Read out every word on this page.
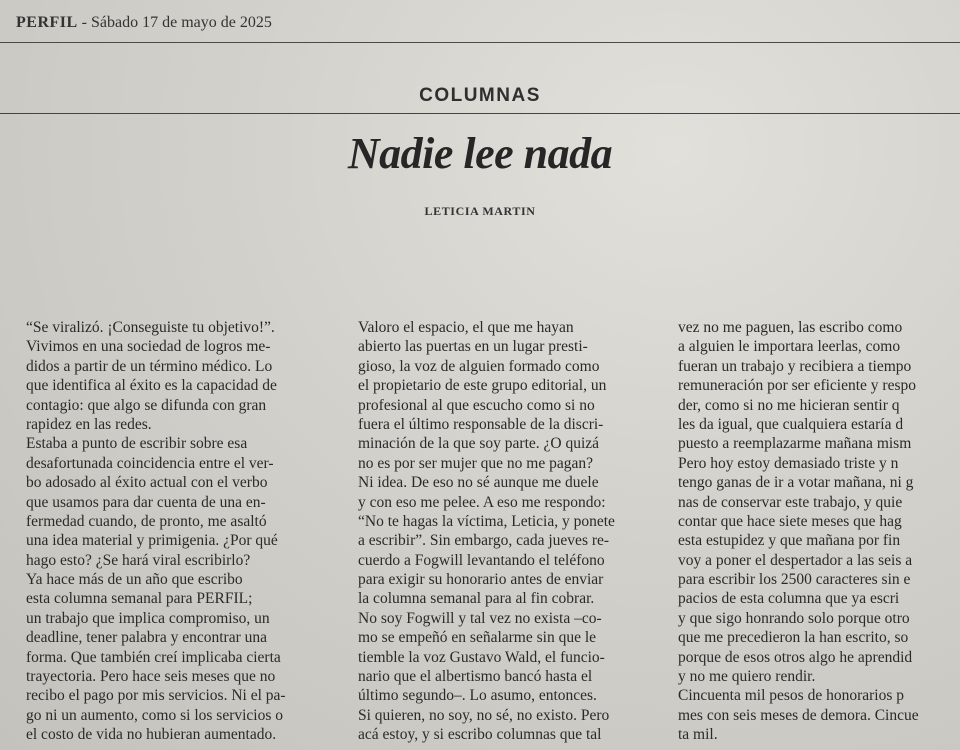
PERFIL - Sábado 17 de mayo de 2025
COLUMNAS
Nadie lee nada
LETICIA MARTIN
“Se viralizó. ¡Conseguiste tu objetivo!”.
Vivimos en una sociedad de logros me-
didos a partir de un término médico. Lo
que identifica al éxito es la capacidad de
contagio: que algo se difunda con gran
rapidez en las redes.
Estaba a punto de escribir sobre esa
desafortunada coincidencia entre el ver-
bo adosado al éxito actual con el verbo
que usamos para dar cuenta de una en-
fermedad cuando, de pronto, me asaltó
una idea material y primigenia. ¿Por qué
hago esto? ¿Se hará viral escribirlo?
Ya hace más de un año que escribo
esta columna semanal para PERFIL;
un trabajo que implica compromiso, un
deadline, tener palabra y encontrar una
forma. Que también creí implicaba cierta
trayectoria. Pero hace seis meses que no
recibo el pago por mis servicios. Ni el pa-
go ni un aumento, como si los servicios o
el costo de vida no hubieran aumentado.
Valoro el espacio, el que me hayan
abierto las puertas en un lugar presti-
gioso, la voz de alguien formado como
el propietario de este grupo editorial, un
profesional al que escucho como si no
fuera el último responsable de la discri-
minación de la que soy parte. ¿O quizá
no es por ser mujer que no me pagan?
Ni idea. De eso no sé aunque me duele
y con eso me pelee. A eso me respondo:
“No te hagas la víctima, Leticia, y ponete
a escribir”. Sin embargo, cada jueves re-
cuerdo a Fogwill levantando el teléfono
para exigir su honorario antes de enviar
la columna semanal para al fin cobrar.
No soy Fogwill y tal vez no exista –co-
mo se empeñó en señalarme sin que le
tiemble la voz Gustavo Wald, el funcio-
nario que el albertismo bancó hasta el
último segundo–. Lo asumo, entonces.
Si quieren, no soy, no sé, no existo. Pero
acá estoy, y si escribo columnas que tal
vez no me paguen, las escribo como
a alguien le importara leerlas, como
fueran un trabajo y recibiera a tiempo
remuneración por ser eficiente y respo
der, como si no me hicieran sentir q
les da igual, que cualquiera estaría d
puesto a reemplazarme mañana mism
Pero hoy estoy demasiado triste y n
tengo ganas de ir a votar mañana, ni g
nas de conservar este trabajo, y quie
contar que hace siete meses que hag
esta estupidez y que mañana por fin
voy a poner el despertador a las seis a
para escribir los 2500 caracteres sin e
pacios de esta columna que ya escri
y que sigo honrando solo porque otro
que me precedieron la han escrito, so
porque de esos otros algo he aprendid
y no me quiero rendir.
Cincuenta mil pesos de honorarios p
mes con seis meses de demora. Cincue
ta mil.
